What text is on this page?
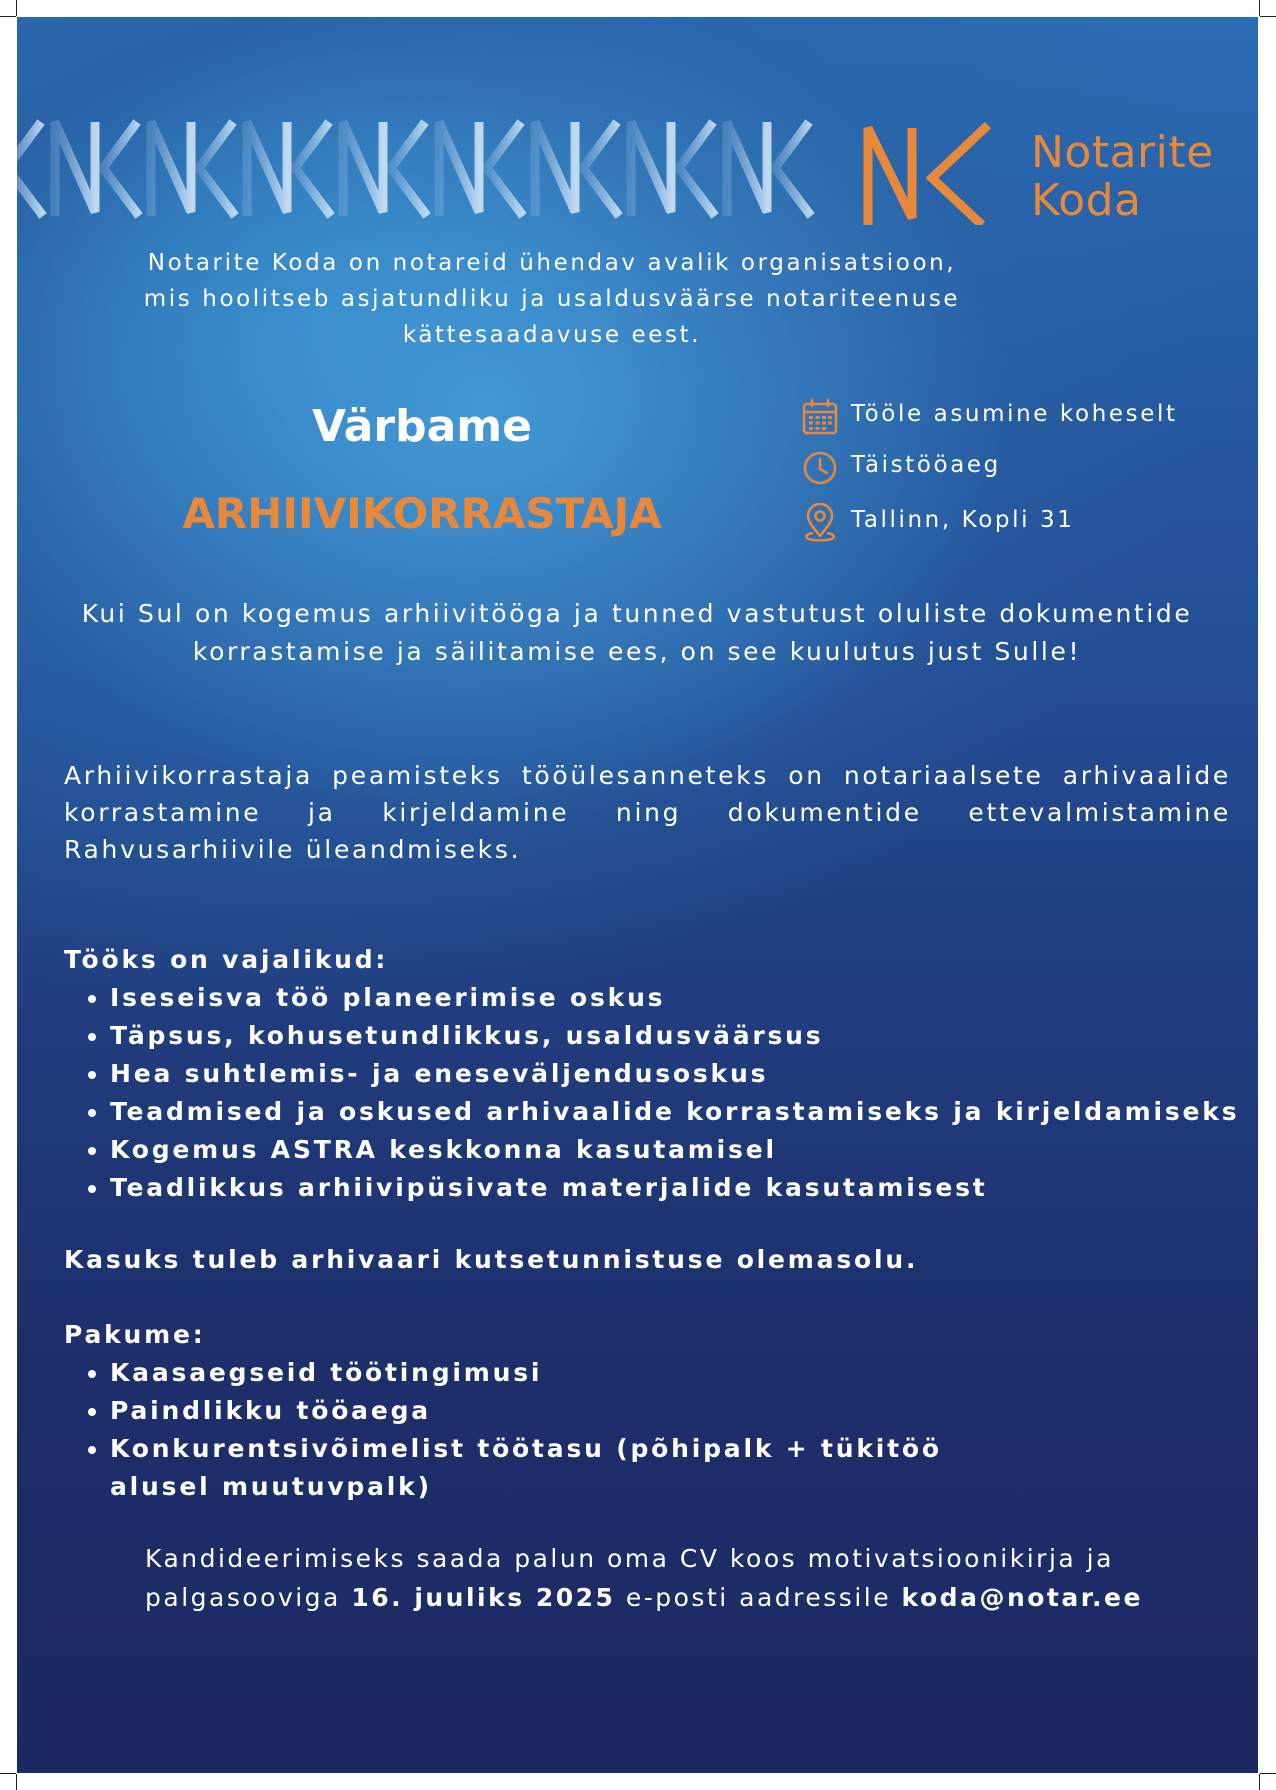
Notarite
Koda
Notarite Koda on notareid ühendav avalik organisatsioon, mis hoolitseb asjatundliku ja usaldusväärse notariteenuse kättesaadavuse eest.
Värbame
ARHIIVIKORRASTAJA
Tööle asumine koheselt
Täistööaeg
Tallinn, Kopli 31
Kui Sul on kogemus arhiivitööga ja tunned vastutust oluliste dokumentide korrastamise ja säilitamise ees, on see kuulutus just Sulle!
Arhiivikorrastaja peamisteks tööülesanneteks on notariaalsete arhivaalide korrastamine ja kirjeldamine ning dokumentide ettevalmistamine Rahvusarhiivile üleandmiseks.
Tööks on vajalikud:
• Iseseisva töö planeerimise oskus
• Täpsus, kohusetundlikkus, usaldusväärsus
• Hea suhtlemis- ja eneseväljendusoskus
• Teadmised ja oskused arhivaalide korrastamiseks ja kirjeldamiseks
• Kogemus ASTRA keskkonna kasutamisel
• Teadlikkus arhiivipüsivate materjalide kasutamisest
Kasuks tuleb arhivaari kutsetunnistuse olemasolu.
Pakume:
• Kaasaegseid töötingimusi
• Paindlikku tööaega
• Konkurentsivõimelist töötasu (põhipalk + tükitöö alusel muutuvpalk)
Kandideerimiseks saada palun oma CV koos motivatsioonikirja ja palgasooviga 16. juuliks 2025 e-posti aadressile koda@notar.ee
